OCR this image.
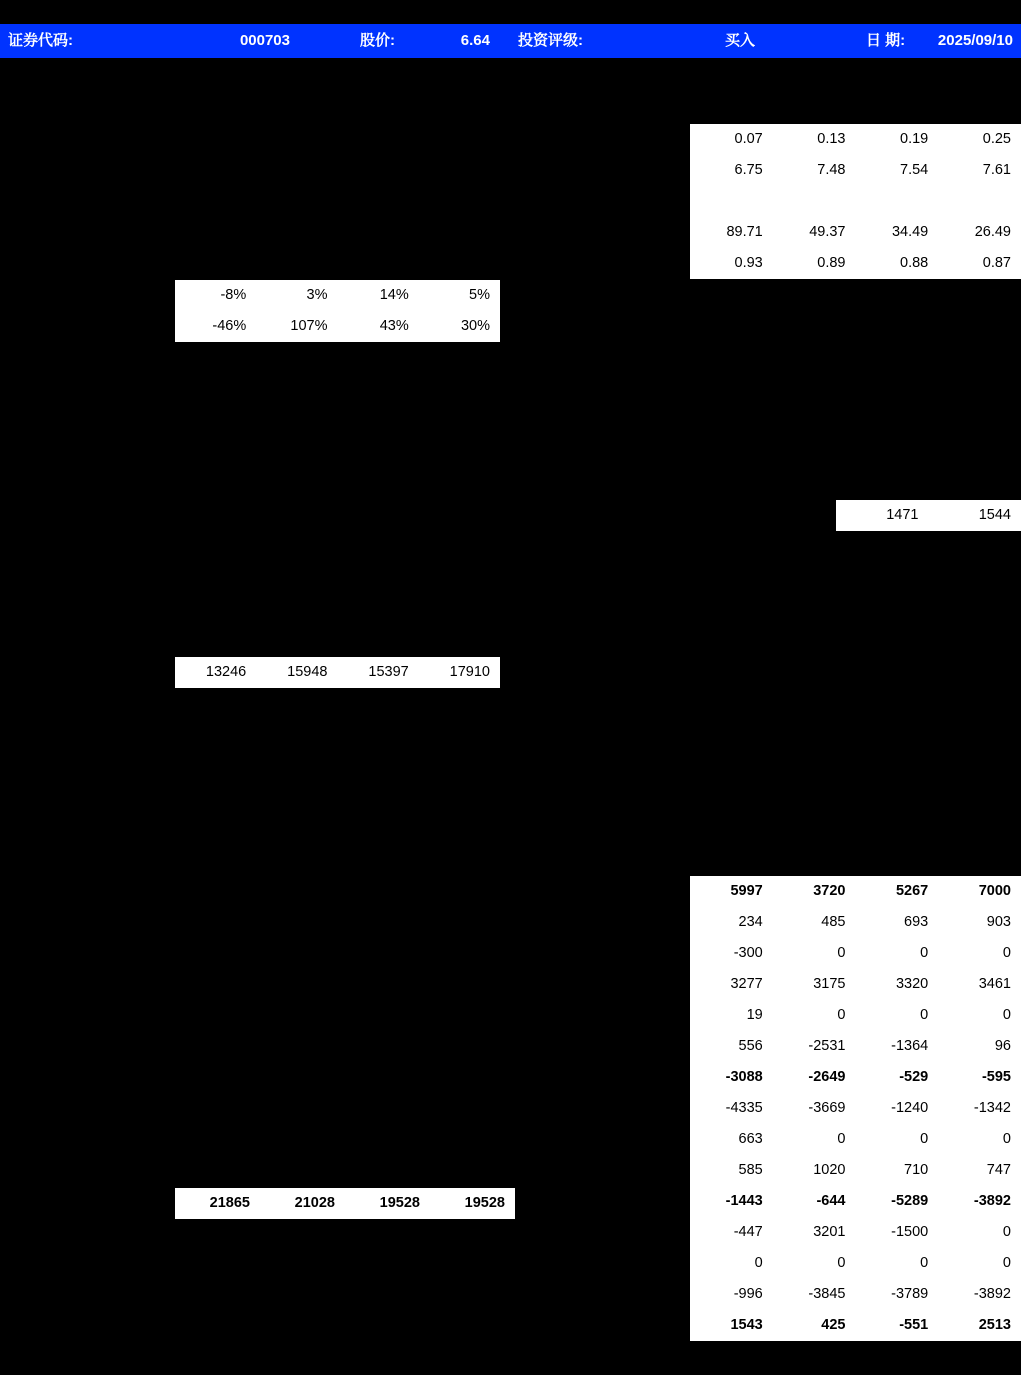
证券代码:	000703	股价:	6.64 投资评级:	买入	日 期:	2025/09/10
0.07	0.13	0.19	0.25
6.75	7.48	7.54	7.61

89.71	49.37	34.49	26.49
0.93	0.89	0.88	0.87
-8%	3%	14%	5%
-46%	107%	43%	30%
1471	1544
13246	15948	15397	17910
5997	3720	5267	7000
234	485	693	903
-300	0	0	0
3277	3175	3320	3461
19	0	0	0
556	-2531	-1364	96
-3088	-2649	-529	-595
-4335	-3669	-1240	-1342
663	0	0	0
585	1020	710	747
-1443	-644	-5289	-3892
-447	3201	-1500	0
0	0	0	0
-996	-3845	-3789	-3892
1543	425	-551	2513
21865	21028	19528	19528
